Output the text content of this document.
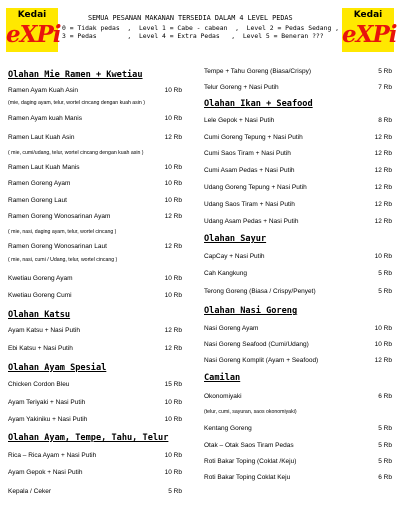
Kedai
eXPi
Kedai
eXPi
SEMUA PESANAN MAKANAN TERSEDIA DALAM 4 LEVEL PEDAS
0 = Tidak pedas  ,  Level 1 = Cabe - cabean  ,  Level 2 = Pedas Sedang ,
3 = Pedas        ,  Level 4 = Extra Pedas   ,  Level 5 = Beneran ???
Olahan Mie Ramen + Kwetiau
Ramen Ayam Kuah Asin	10 Rb
(mie, daging ayam, telur, wortel cincang dengan kuah asin )
Ramen Ayam kuah Manis	10 Rb
Ramen Laut Kuah Asin	12 Rb
( mie, cumi/udang, telur, wortel cincang dengan kuah asin )
Ramen Laut Kuah Manis	10 Rb
Ramen Goreng Ayam	10 Rb
Ramen Goreng Laut	10 Rb
Ramen Goreng Wonosarinan Ayam	12 Rb
( mie, nasi, daging ayam, telur, wortel cincang )
Ramen Goreng Wonosarinan Laut	12 Rb
( mie, nasi, cumi / Udang, telur, wortel cincang )
Kwetiau Goreng Ayam	10 Rb
Kwetiau Goreng Cumi	10 Rb
Olahan Katsu
Ayam Katsu + Nasi Putih	12 Rb
Ebi Katsu + Nasi Putih	12 Rb
Olahan Ayam Spesial
Chicken Cordon Bleu	15 Rb
Ayam Teriyaki + Nasi Putih	10 Rb
Ayam Yakiniku + Nasi Putih	10 Rb
Olahan Ayam, Tempe, Tahu, Telur
Rica – Rica Ayam + Nasi Putih	10 Rb
Ayam Gepok + Nasi Putih	10 Rb
Kepala / Ceker	5 Rb
Tempe + Tahu Goreng (Biasa/Crispy)	5 Rb
Telur Goreng + Nasi Putih	7 Rb
Olahan Ikan + Seafood
Lele Gepok + Nasi Putih	8 Rb
Cumi Goreng Tepung + Nasi Putih	12 Rb
Cumi Saos Tiram + Nasi Putih	12 Rb
Cumi Asam Pedas + Nasi Putih	12 Rb
Udang Goreng Tepung + Nasi Putih	12 Rb
Udang Saos Tiram + Nasi Putih	12 Rb
Udang Asam Pedas + Nasi Putih	12 Rb
Olahan Sayur
CapCay + Nasi Putih	10 Rb
Cah Kangkung	5 Rb
Terong Goreng (Biasa / Crispy/Penyet)	5 Rb
Olahan Nasi Goreng
Nasi Goreng Ayam	10 Rb
Nasi Goreng Seafood (Cumi/Udang)	10 Rb
Nasi Goreng Komplit (Ayam + Seafood)	12 Rb
Camilan
Okonomiyaki	6 Rb
(telur, cumi, sayuran, saos okonomiyaki)
Kentang Goreng	5 Rb
Otak – Otak Saos Tiram Pedas	5 Rb
Roti Bakar Toping (Coklat /Keju)	5 Rb
Roti Bakar Toping Coklat Keju	6 Rb
